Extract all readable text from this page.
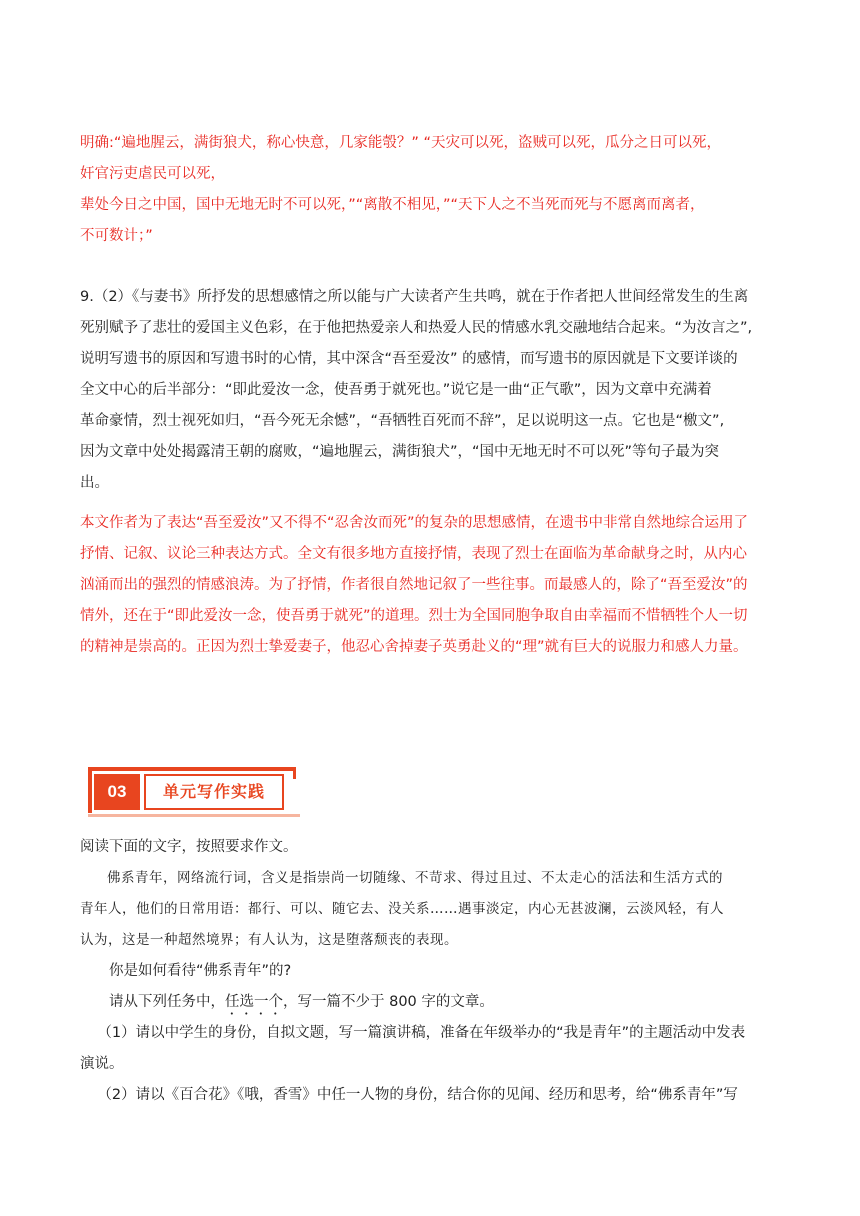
明确:“遍地腥云，满街狼犬，称心快意，几家能彀？” “天灾可以死，盗贼可以死，瓜分之日可以死，

奸官污吏虐民可以死，

辈处今日之中国，国中无地无时不可以死，”“离散不相见，”“天下人之不当死而死与不愿离而离者，

不可数计；”

9.（2）《与妻书》所抒发的思想感情之所以能与广大读者产生共鸣，就在于作者把人世间经常发生的生离

死别赋予了悲壮的爱国主义色彩，在于他把热爱亲人和热爱人民的情感水乳交融地结合起来。“为汝言之”,

说明写遗书的原因和写遗书时的心情，其中深含“吾至爱汝” 的感情，而写遗书的原因就是下文要详谈的

全文中心的后半部分：“即此爱汝一念，使吾勇于就死也。”说它是一曲“正气歌”，因为文章中充满着

革命豪情，烈士视死如归，“吾今死无余憾”，“吾牺牲百死而不辞”，足以说明这一点。它也是“檄文”,

因为文章中处处揭露清王朝的腐败，“遍地腥云，满街狼犬”，“国中无地无时不可以死”等句子最为突

出。

本文作者为了表达“吾至爱汝”又不得不“忍舍汝而死”的复杂的思想感情，在遗书中非常自然地综合运用了

抒情、记叙、议论三种表达方式。全文有很多地方直接抒情，表现了烈士在面临为革命献身之时，从内心

汹涌而出的强烈的情感浪涛。为了抒情，作者很自然地记叙了一些往事。而最感人的，除了“吾至爱汝”的

情外，还在于“即此爱汝一念，使吾勇于就死”的道理。烈士为全国同胞争取自由幸福而不惜牺牲个人一切

的精神是崇高的。正因为烈士挚爱妻子，他忍心舍掉妻子英勇赴义的“理”就有巨大的说服力和感人力量。

03	单元写作实践

阅读下面的文字，按照要求作文。

佛系青年，网络流行词，含义是指崇尚一切随缘、不苛求、得过且过、不太走心的活法和生活方式的

青年人，他们的日常用语：都行、可以、随它去、没关系……遇事淡定，内心无甚波澜，云淡风轻，有人

认为，这是一种超然境界；有人认为，这是堕落颓丧的表现。

你是如何看待“佛系青年”的?

请从下列任务中，任选一个，写一篇不少于 800 字的文章。

（1）请以中学生的身份，自拟文题，写一篇演讲稿，准备在年级举办的“我是青年”的主题活动中发表

演说。

（2）请以《百合花》《哦，香雪》中任一人物的身份，结合你的见闻、经历和思考，给“佛系青年”写
